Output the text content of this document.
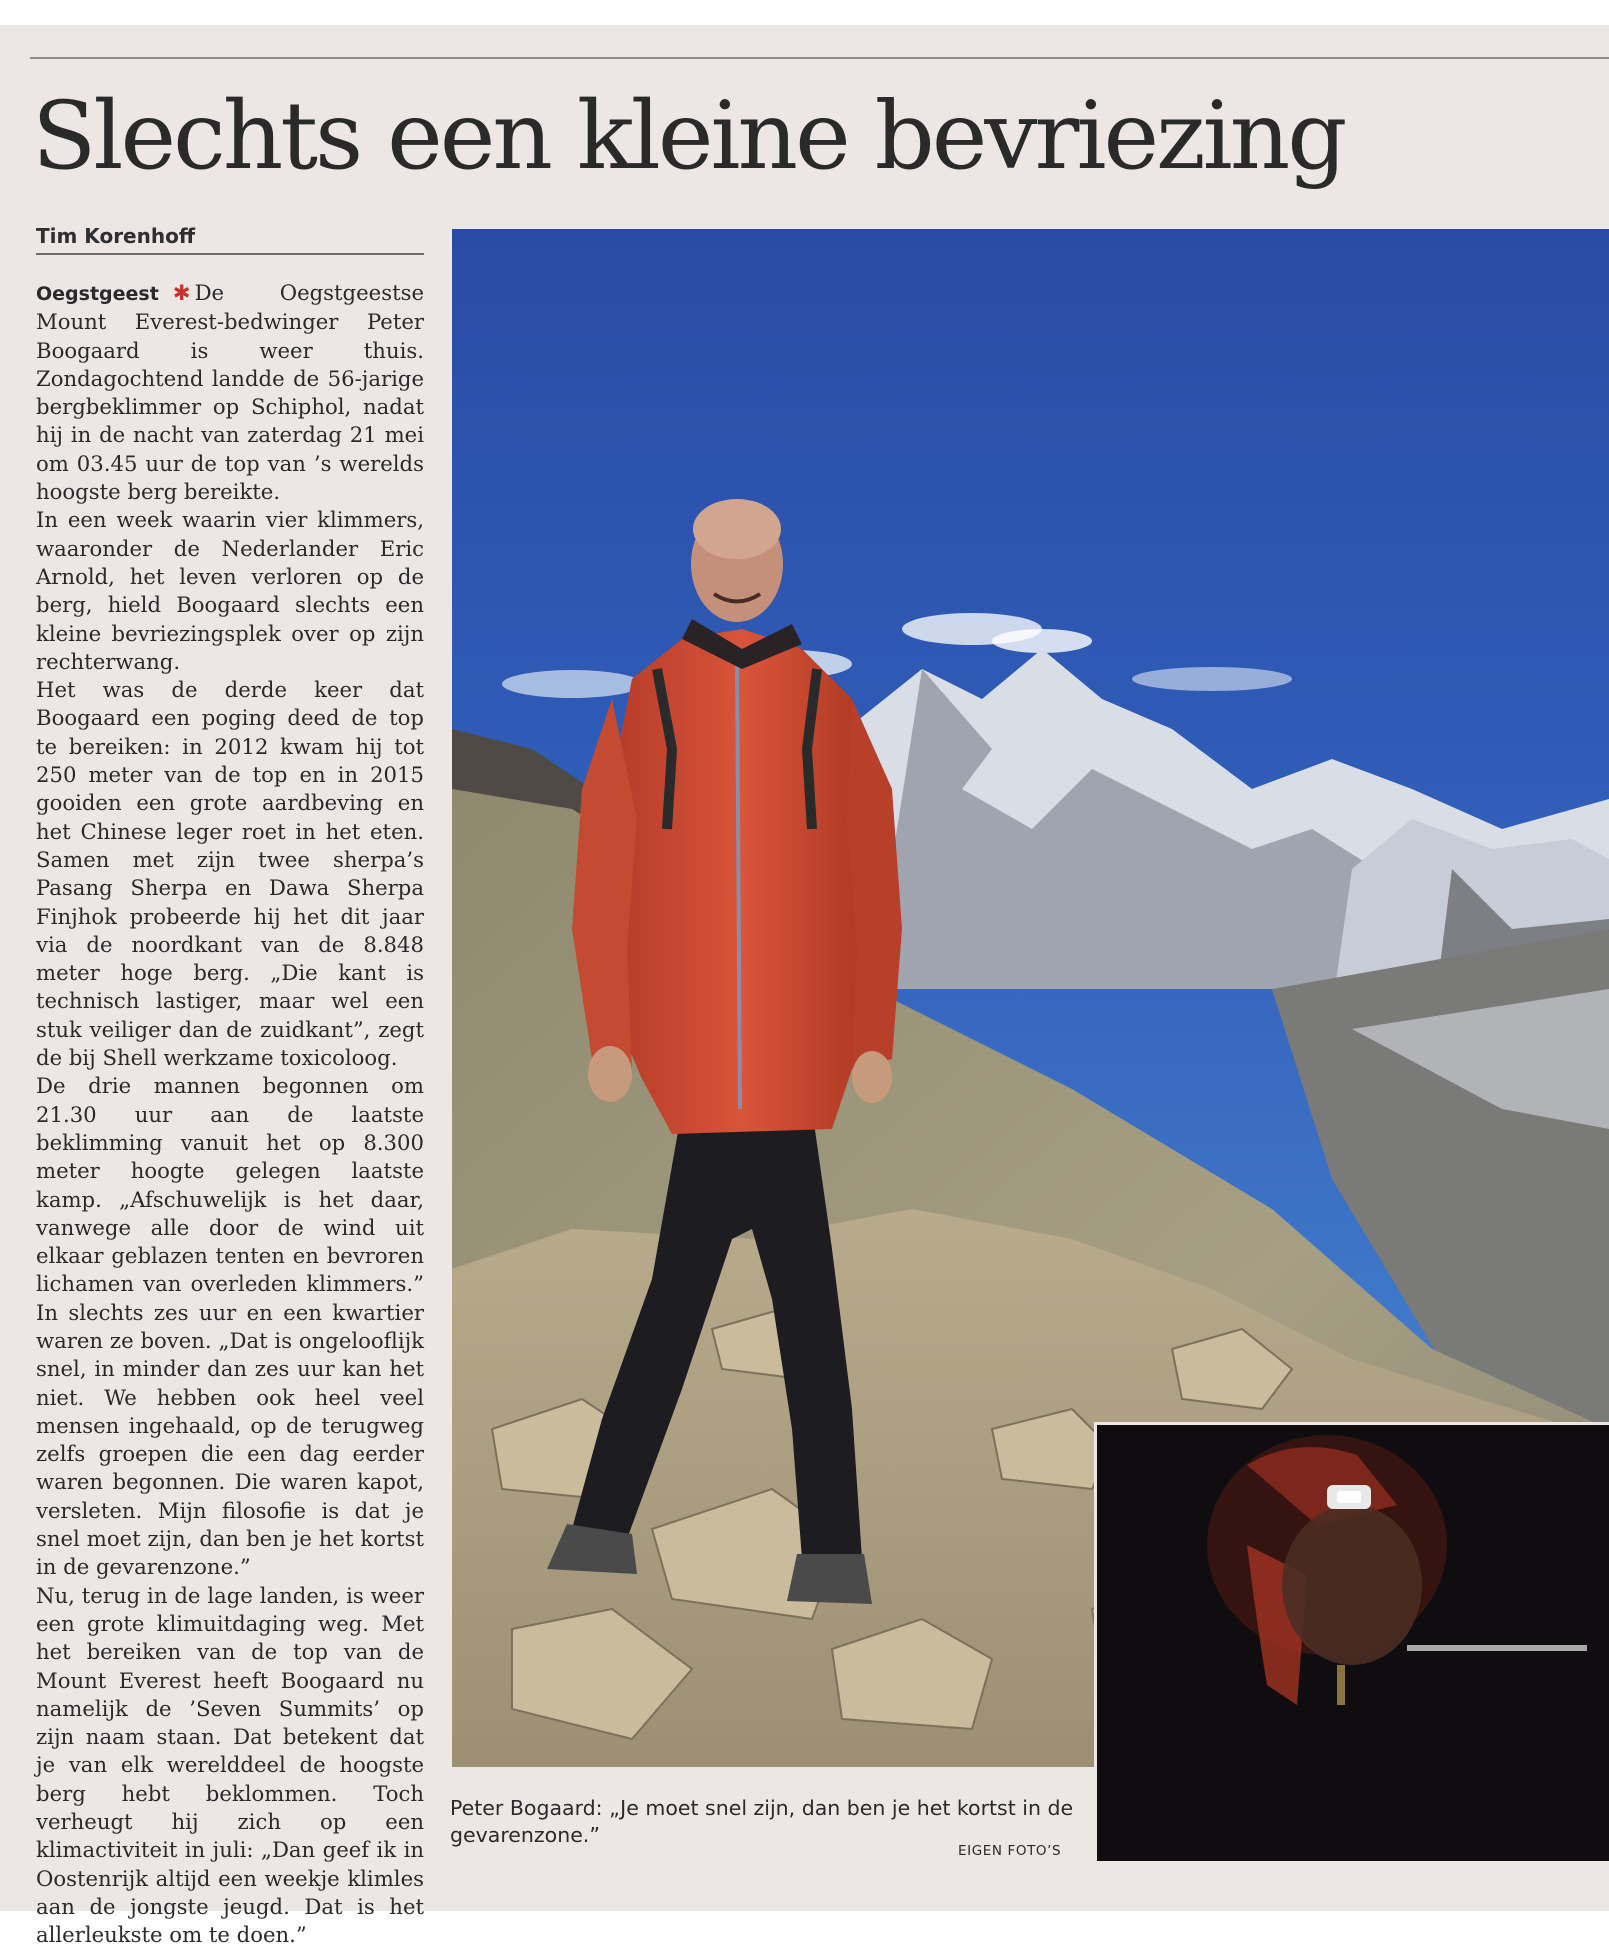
Slechts een kleine bevriezing
Tim Korenhoff

Oegstgeest ✱ De Oegstgeestse Mount Everest-bedwinger Peter Boogaard is weer thuis. Zondagochtend landde de 56-jarige bergbeklimmer op Schiphol, nadat hij in de nacht van zaterdag 21 mei om 03.45 uur de top van ’s werelds hoogste berg bereikte.

In een week waarin vier klimmers, waaronder de Nederlander Eric Arnold, het leven verloren op de berg, hield Boogaard slechts een kleine bevriezingsplek over op zijn rechterwang.

Het was de derde keer dat Boogaard een poging deed de top te bereiken: in 2012 kwam hij tot 250 meter van de top en in 2015 gooiden een grote aardbeving en het Chinese leger roet in het eten. Samen met zijn twee sherpa’s Pasang Sherpa en Dawa Sherpa Finjhok probeerde hij het dit jaar via de noordkant van de 8.848 meter hoge berg. „Die kant is technisch lastiger, maar wel een stuk veiliger dan de zuidkant”, zegt de bij Shell werkzame toxicoloog.

De drie mannen begonnen om 21.30 uur aan de laatste beklimming vanuit het op 8.300 meter hoogte gelegen laatste kamp. „Afschuwelijk is het daar, vanwege alle door de wind uit elkaar geblazen tenten en bevroren lichamen van overleden klimmers.” In slechts zes uur en een kwartier waren ze boven. „Dat is ongelooflijk snel, in minder dan zes uur kan het niet. We hebben ook heel veel mensen ingehaald, op de terugweg zelfs groepen die een dag eerder waren begonnen. Die waren kapot, versleten. Mijn filosofie is dat je snel moet zijn, dan ben je het kortst in de gevarenzone.”

Nu, terug in de lage landen, is weer een grote klimuitdaging weg. Met het bereiken van de top van de Mount Everest heeft Boogaard nu namelijk de ’Seven Summits’ op zijn naam staan. Dat betekent dat je van elk werelddeel de hoogste berg hebt beklommen. Toch verheugt hij zich op een klimactiviteit in juli: „Dan geef ik in Oostenrijk altijd een weekje klimles aan de jongste jeugd. Dat is het allerleukste om te doen.”

Peter Bogaard: „Je moet snel zijn, dan ben je het kortst in de gevarenzone.”
EIGEN FOTO’S
